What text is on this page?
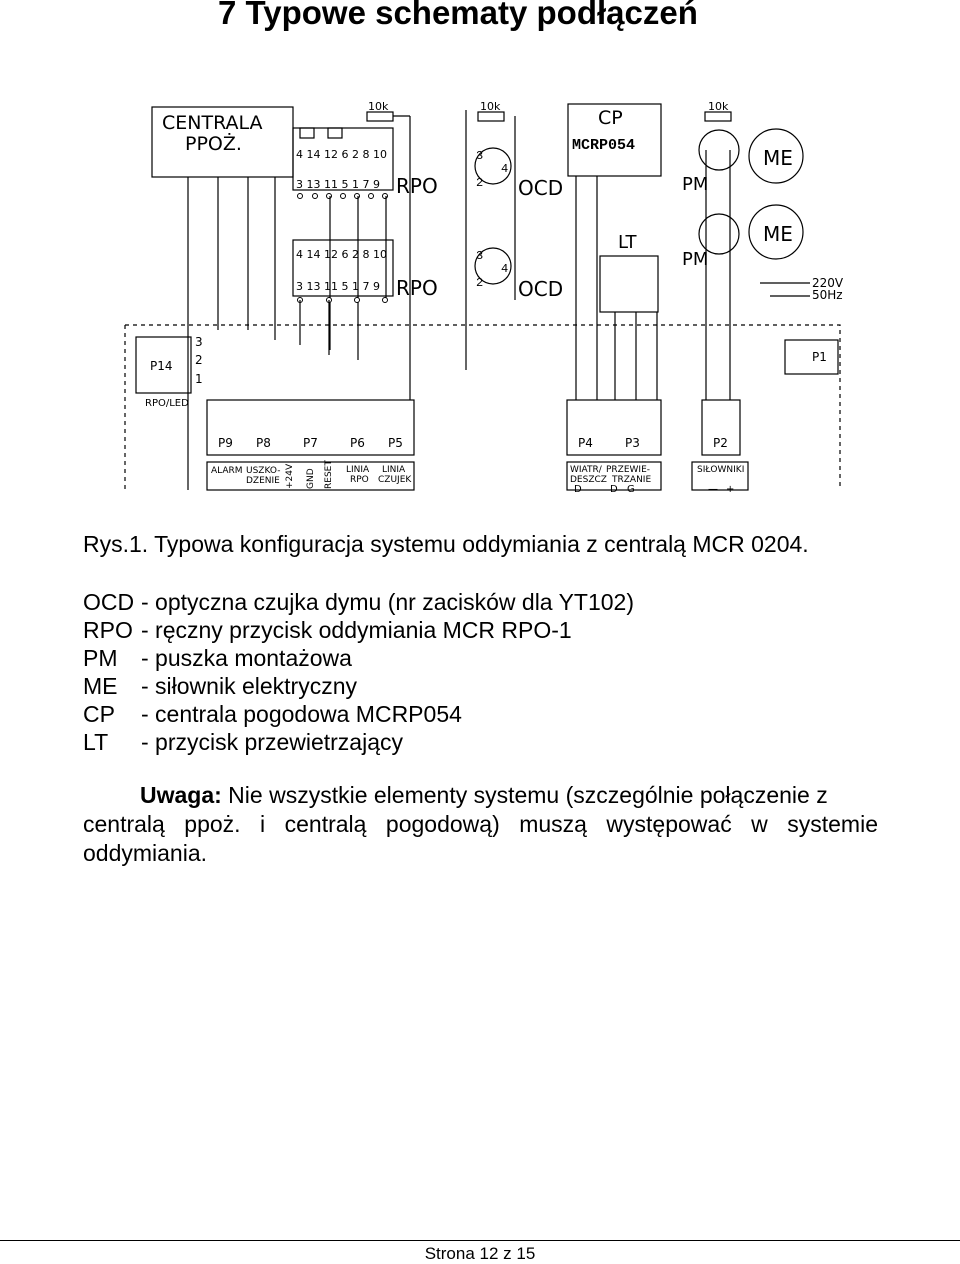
7 Typowe schematy podłączeń
CENTRALA
PPOŻ.	4 14 12 6 2 8 10
3 13 11 5 1 7 9 RPO
4 14 12 6 2 8 10
3 13 11 5 1 7 9 RPO
10k	10k
3
2
4
OCD
3
2
4
OCD
CP
MCRP054
LT
10k
PM
ME
PM
ME
220V
50Hz
P14
3
2
1
RPO/LED
P1
P9 P8	P7	P6 P5	P4	P3	P2
ALARM USZKO-
DZENIE +24V GND RESET LINIA
RPO
LINIA
CZUJEK
WIATR/
DESZCZ
PRZEWIE-
TRZANIE
SIŁOWNIKI
D	D G	— +
Rys.1. Typowa konfiguracja systemu oddymiania z centralą MCR 0204.
OCD - optyczna czujka dymu (nr zacisków dla YT102)
RPO - ręczny przycisk oddymiania MCR RPO-1
PM	- puszka montażowa
ME	- siłownik elektryczny
CP	- centrala pogodowa MCRP054
LT	- przycisk przewietrzający
Uwaga: Nie wszystkie elementy systemu (szczególnie połączenie z
centralą ppoż. i centralą pogodową) muszą występować w systemie oddymiania.
Strona 12 z 15
